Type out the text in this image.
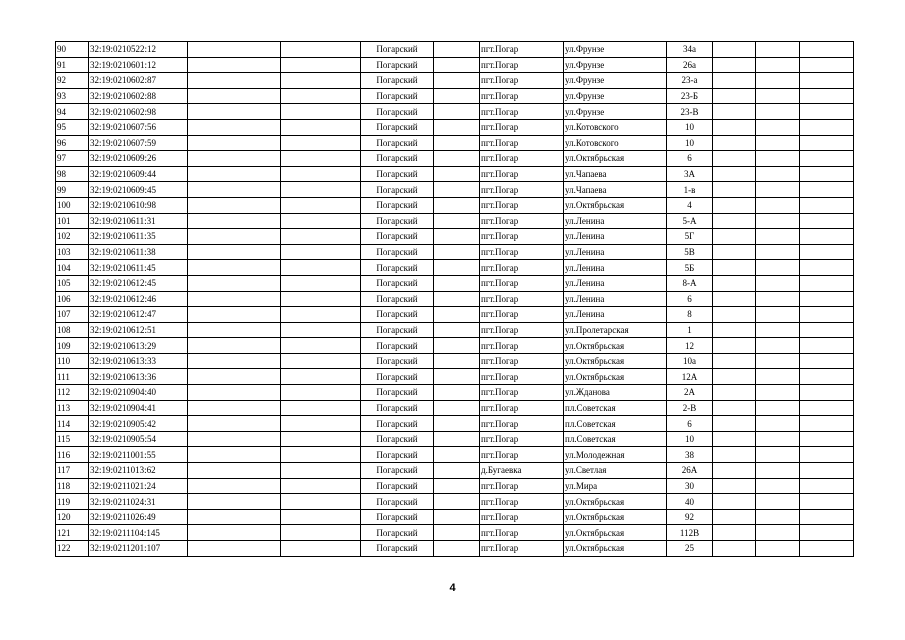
90	32:19:0210522:12			Погарский		пгт.Погар	ул.Фрунзе	34а			
91	32:19:0210601:12			Погарский		пгт.Погар	ул.Фрунзе	26а			
92	32:19:0210602:87			Погарский		пгт.Погар	ул.Фрунзе	23-а			
93	32:19:0210602:88			Погарский		пгт.Погар	ул.Фрунзе	23-Б			
94	32:19:0210602:98			Погарский		пгт.Погар	ул.Фрунзе	23-В			
95	32:19:0210607:56			Погарский		пгт.Погар	ул.Котовского	10			
96	32:19:0210607:59			Погарский		пгт.Погар	ул.Котовского	10			
97	32:19:0210609:26			Погарский		пгт.Погар	ул.Октябрьская	6			
98	32:19:0210609:44			Погарский		пгт.Погар	ул.Чапаева	3А			
99	32:19:0210609:45			Погарский		пгт.Погар	ул.Чапаева	1-в			
100	32:19:0210610:98			Погарский		пгт.Погар	ул.Октябрьская	4			
101	32:19:0210611:31			Погарский		пгт.Погар	ул.Ленина	5-А			
102	32:19:0210611:35			Погарский		пгт.Погар	ул.Ленина	5Г			
103	32:19:0210611:38			Погарский		пгт.Погар	ул.Ленина	5В			
104	32:19:0210611:45			Погарский		пгт.Погар	ул.Ленина	5Б			
105	32:19:0210612:45			Погарский		пгт.Погар	ул.Ленина	8-А			
106	32:19:0210612:46			Погарский		пгт.Погар	ул.Ленина	6			
107	32:19:0210612:47			Погарский		пгт.Погар	ул.Ленина	8			
108	32:19:0210612:51			Погарский		пгт.Погар	ул.Пролетарская	1			
109	32:19:0210613:29			Погарский		пгт.Погар	ул.Октябрьская	12			
110	32:19:0210613:33			Погарский		пгт.Погар	ул.Октябрьская	10а			
111	32:19:0210613:36			Погарский		пгт.Погар	ул.Октябрьская	12А			
112	32:19:0210904:40			Погарский		пгт.Погар	ул.Жданова	2А			
113	32:19:0210904:41			Погарский		пгт.Погар	пл.Советская	2-В			
114	32:19:0210905:42			Погарский		пгт.Погар	пл.Советская	6			
115	32:19:0210905:54			Погарский		пгт.Погар	пл.Советская	10			
116	32:19:0211001:55			Погарский		пгт.Погар	ул.Молодежная	38			
117	32:19:0211013:62			Погарский		д.Бугаевка	ул.Светлая	26А			
118	32:19:0211021:24			Погарский		пгт.Погар	ул.Мира	30			
119	32:19:0211024:31			Погарский		пгт.Погар	ул.Октябрьская	40			
120	32:19:0211026:49			Погарский		пгт.Погар	ул.Октябрьская	92			
121	32:19:0211104:145			Погарский		пгт.Погар	ул.Октябрьская	112В			
122	32:19:0211201:107			Погарский		пгт.Погар	ул.Октябрьская	25			
4
